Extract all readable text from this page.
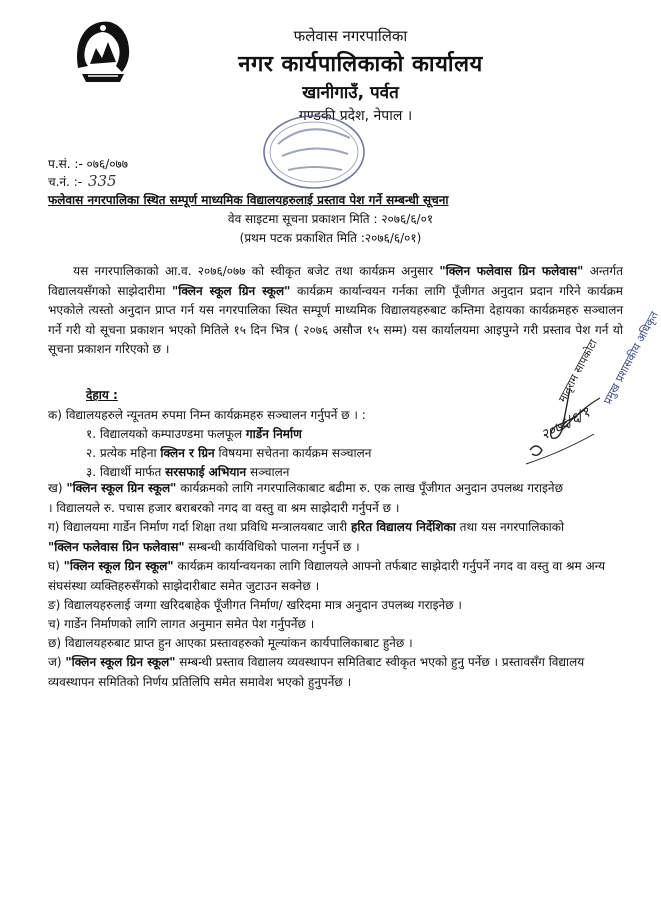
फलेवास नगरपालिका
नगर कार्यपालिकाको कार्यालय
खानीगाउँ, पर्वत
गण्डकी प्रदेश, नेपाल ।
प.सं. :- ०७६/०७७
च.नं. :- 335
फलेवास नगरपालिका स्थित सम्पूर्ण माध्यमिक विद्यालयहरुलाई प्रस्ताव पेश गर्ने सम्बन्धी सूचना
वेव साइटमा सूचना प्रकाशन मिति : २०७६/६/०१
(प्रथम पटक प्रकाशित मिति :२०७६/६/०१)
यस नगरपालिकाको आ.व. २०७६/०७७ को स्वीकृत बजेट तथा कार्यक्रम अनुसार "क्लिन फलेवास ग्रिन फलेवास" अन्तर्गत विद्यालयसँगको साझेदारीमा "क्लिन स्कूल ग्रिन स्कूल" कार्यक्रम कार्यान्वयन गर्नका लागि पूँजीगत अनुदान प्रदान गरिने कार्यक्रम भएकोले त्यस्तो अनुदान प्राप्त गर्न यस नगरपालिका स्थित सम्पूर्ण माध्यमिक विद्यालयहरुबाट कम्तिमा देहायका कार्यक्रमहरु सञ्चालन गर्ने गरी यो सूचना प्रकाशन भएको मितिले १५ दिन भित्र ( २०७६ असौज १५ सम्म) यस कार्यालयमा आइपुग्ने गरी प्रस्ताव पेश गर्न यो सूचना प्रकाशन गरिएको छ ।
देहाय :
क) विद्यालयहरुले न्यूनतम रुपमा निम्न कार्यक्रमहरु सञ्चालन गर्नुपर्ने छ । :
१. विद्यालयको कम्पाउण्डमा फलफूल गार्डेन निर्माण
२. प्रत्येक महिना क्लिन र ग्रिन विषयमा सचेतना कार्यक्रम सञ्चालन
३. विद्यार्थी मार्फत सरसफाई अभियान सञ्चालन
ख) "क्लिन स्कूल ग्रिन स्कूल" कार्यक्रमको लागि नगरपालिकाबाट बढीमा रु. एक लाख पूँजीगत अनुदान उपलब्ध गराइनेछ । विद्यालयले रु. पचास हजार बराबरको नगद वा वस्तु वा श्रम साझेदारी गर्नुपर्ने छ ।
ग) विद्यालयमा गार्डेन निर्माण गर्दा शिक्षा तथा प्रविधि मन्त्रालयबाट जारी हरित विद्यालय निर्देशिका तथा यस नगरपालिकाको "क्लिन फलेवास ग्रिन फलेवास" सम्बन्धी कार्यविधिको पालना गर्नुपर्ने छ ।
घ) "क्लिन स्कूल ग्रिन स्कूल" कार्यक्रम कार्यान्वयनका लागि विद्यालयले आफ्नो तर्फबाट साझेदारी गर्नुपर्ने नगद वा वस्तु वा श्रम अन्य संघसंस्था व्यक्तिहरुसँगको साझेदारीबाट समेत जुटाउन सक्नेछ ।
ङ) विद्यालयहरुलाई जग्गा खरिदबाहेक पूँजीगत निर्माण/ खरिदमा मात्र अनुदान उपलब्ध गराइनेछ ।
च) गार्डेन निर्माणको लागि लागत अनुमान समेत पेश गर्नुपर्नेछ ।
छ) विद्यालयहरुबाट प्राप्त हुन आएका प्रस्तावहरुको मूल्यांकन कार्यपालिकाबाट हुनेछ ।
ज) "क्लिन स्कूल ग्रिन स्कूल" सम्बन्धी प्रस्ताव विद्यालय व्यवस्थापन समितिबाट स्वीकृत भएको हुनु पर्नेछ । प्रस्तावसँग विद्यालय व्यवस्थापन समितिको निर्णय प्रतिलिपि समेत समावेश भएको हुनुपर्नेछ ।
२०७६/६/१
मातृराम सापकोटा प्रमुख प्रशासकीय अधिकृत
